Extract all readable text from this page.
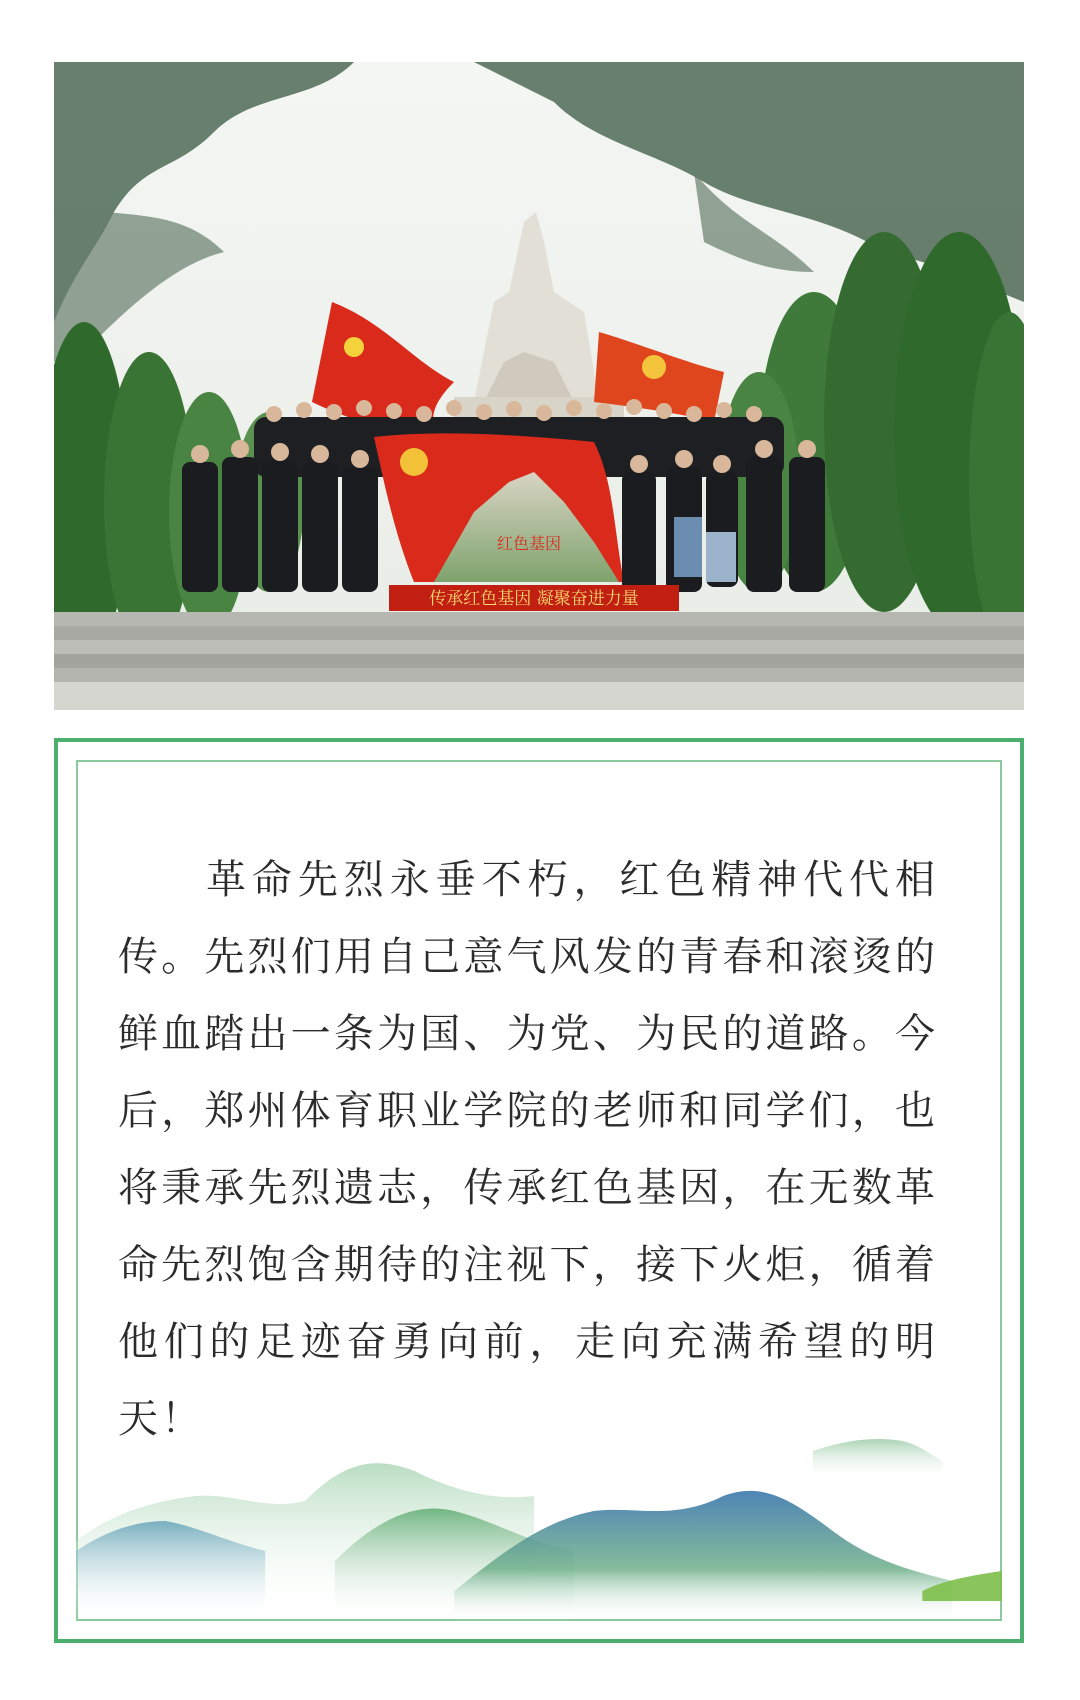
红色基因
传承红色基因 凝聚奋进力量

革命先烈永垂不朽，红色精神代代相传。先烈们用自己意气风发的青春和滚烫的鲜血踏出一条为国、为党、为民的道路。今后，郑州体育职业学院的老师和同学们，也将秉承先烈遗志，传承红色基因，在无数革命先烈饱含期待的注视下，接下火炬，循着他们的足迹奋勇向前，走向充满希望的明天！
